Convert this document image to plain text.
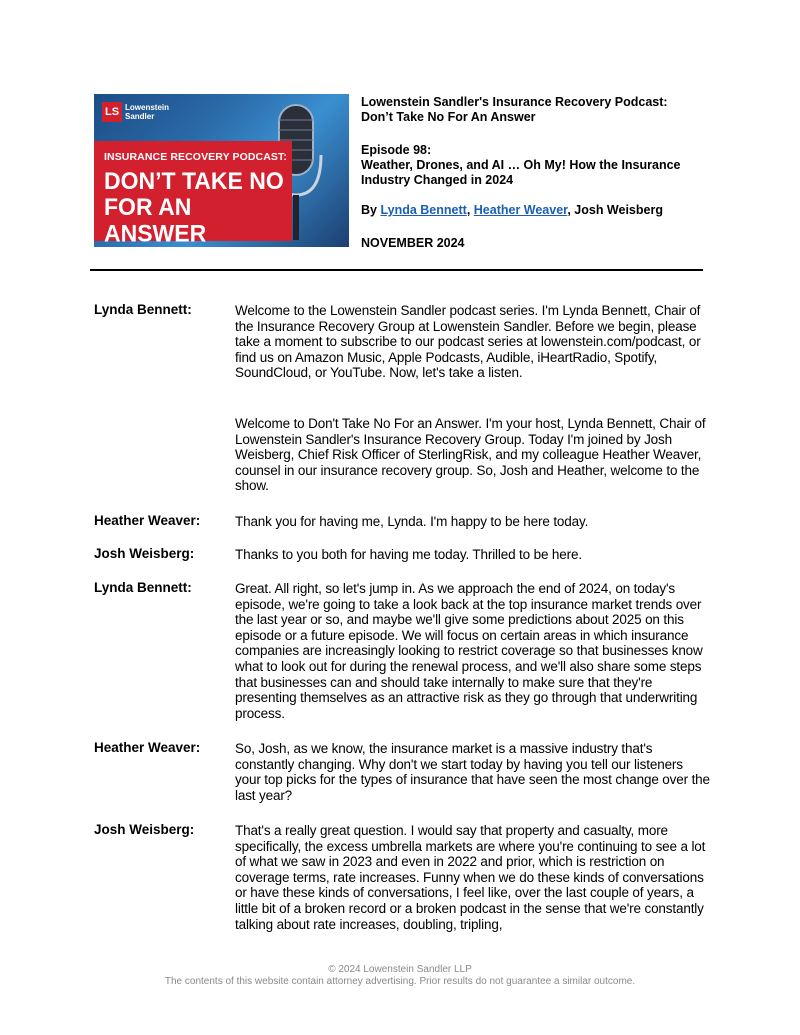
LS Lowenstein
Sandler
INSURANCE RECOVERY PODCAST:
DON’T TAKE NO
FOR AN ANSWER
Lowenstein Sandler's Insurance Recovery Podcast:
Don’t Take No For An Answer
Episode 98:
Weather, Drones, and AI … Oh My! How the Insurance
Industry Changed in 2024
By Lynda Bennett, Heather Weaver, Josh Weisberg
NOVEMBER 2024
Lynda Bennett:	Welcome to the Lowenstein Sandler podcast series. I'm Lynda Bennett, Chair of the Insurance Recovery Group at Lowenstein Sandler. Before we begin, please take a moment to subscribe to our podcast series at lowenstein.com/podcast, or find us on Amazon Music, Apple Podcasts, Audible, iHeartRadio, Spotify, SoundCloud, or YouTube. Now, let's take a listen.
Welcome to Don't Take No For an Answer. I'm your host, Lynda Bennett, Chair of Lowenstein Sandler's Insurance Recovery Group. Today I'm joined by Josh Weisberg, Chief Risk Officer of SterlingRisk, and my colleague Heather Weaver, counsel in our insurance recovery group. So, Josh and Heather, welcome to the show.
Heather Weaver:	Thank you for having me, Lynda. I'm happy to be here today.
Josh Weisberg:	Thanks to you both for having me today. Thrilled to be here.
Lynda Bennett:	Great. All right, so let's jump in. As we approach the end of 2024, on today's episode, we're going to take a look back at the top insurance market trends over the last year or so, and maybe we'll give some predictions about 2025 on this episode or a future episode. We will focus on certain areas in which insurance companies are increasingly looking to restrict coverage so that businesses know what to look out for during the renewal process, and we'll also share some steps that businesses can and should take internally to make sure that they're presenting themselves as an attractive risk as they go through that underwriting process.
Heather Weaver:	So, Josh, as we know, the insurance market is a massive industry that's constantly changing. Why don't we start today by having you tell our listeners your top picks for the types of insurance that have seen the most change over the last year?
Josh Weisberg:	That's a really great question. I would say that property and casualty, more specifically, the excess umbrella markets are where you're continuing to see a lot of what we saw in 2023 and even in 2022 and prior, which is restriction on coverage terms, rate increases. Funny when we do these kinds of conversations or have these kinds of conversations, I feel like, over the last couple of years, a little bit of a broken record or a broken podcast in the sense that we're constantly talking about rate increases, doubling, tripling,
© 2024 Lowenstein Sandler LLP
The contents of this website contain attorney advertising. Prior results do not guarantee a similar outcome.
